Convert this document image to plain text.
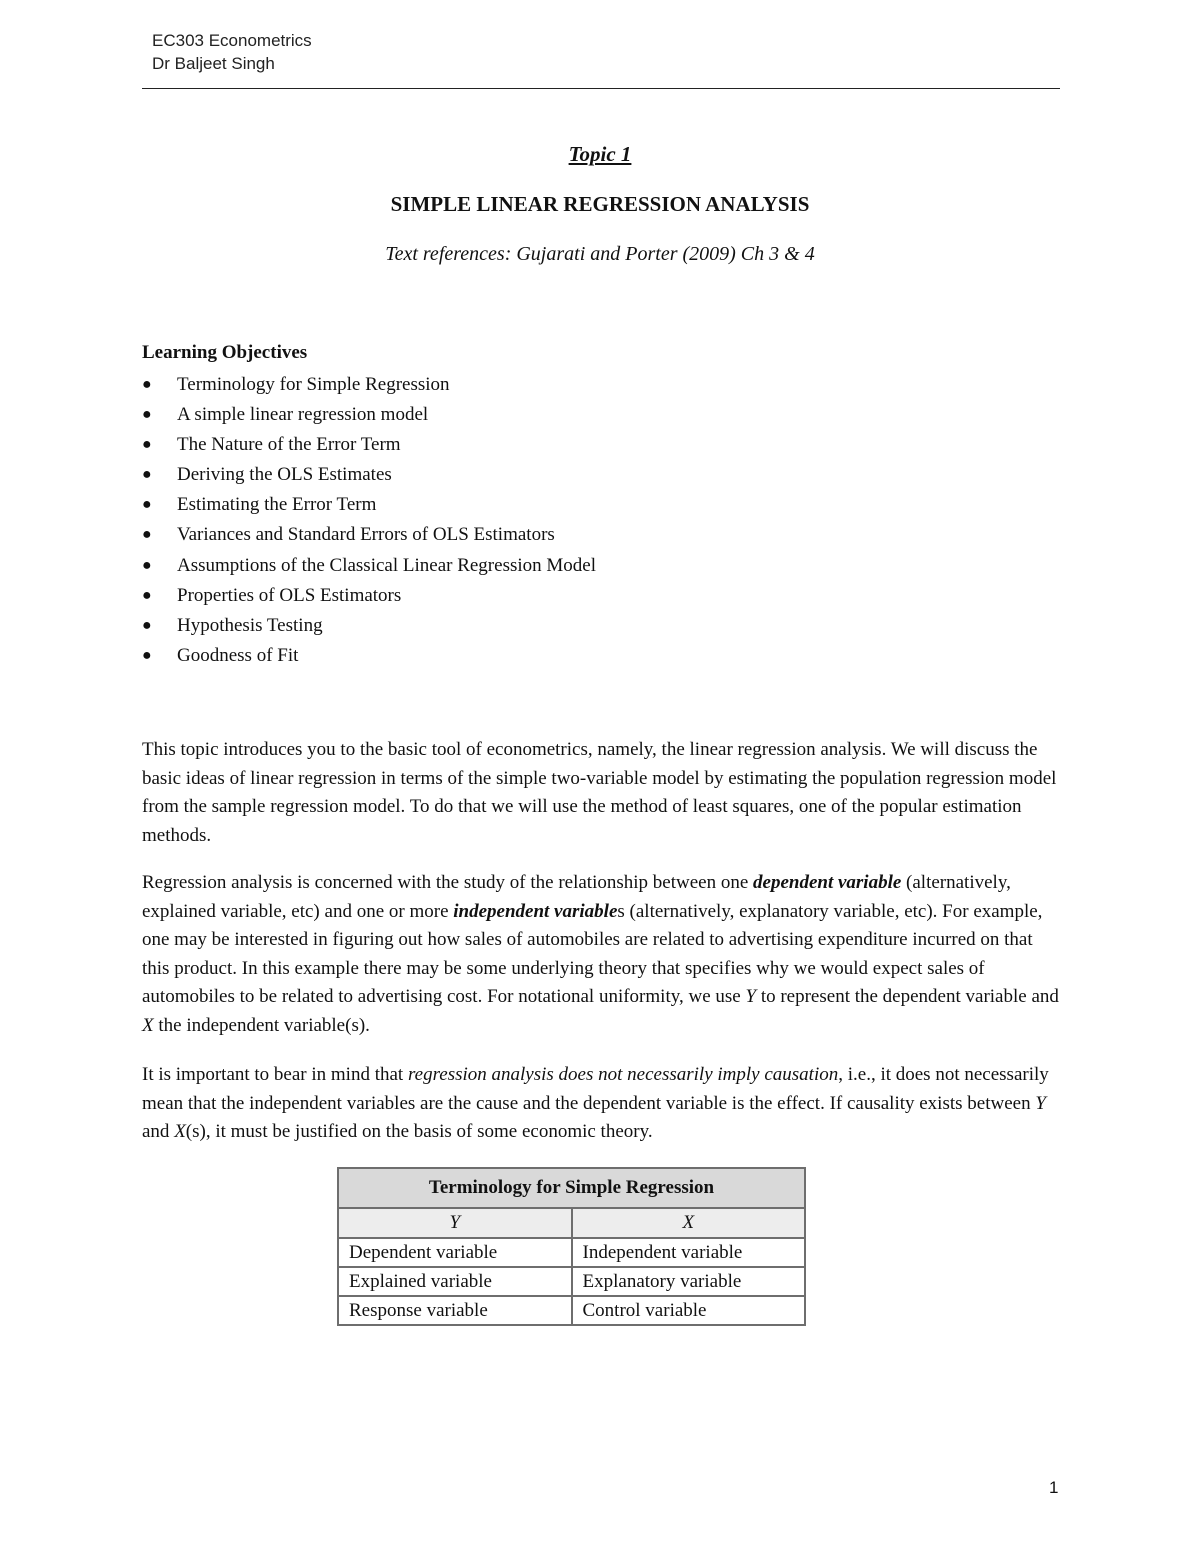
EC303 Econometrics
Dr Baljeet Singh
Topic 1
SIMPLE LINEAR REGRESSION ANALYSIS
Text references: Gujarati and Porter (2009) Ch 3 & 4
Learning Objectives
● Terminology for Simple Regression
● A simple linear regression model
● The Nature of the Error Term
● Deriving the OLS Estimates
● Estimating the Error Term
● Variances and Standard Errors of OLS Estimators
● Assumptions of the Classical Linear Regression Model
● Properties of OLS Estimators
● Hypothesis Testing
● Goodness of Fit

This topic introduces you to the basic tool of econometrics, namely, the linear regression analysis. We will discuss the basic ideas of linear regression in terms of the simple two-variable model by estimating the population regression model from the sample regression model. To do that we will use the method of least squares, one of the popular estimation methods.

Regression analysis is concerned with the study of the relationship between one dependent variable (alternatively, explained variable, etc) and one or more independent variables (alternatively, explanatory variable, etc). For example, one may be interested in figuring out how sales of automobiles are related to advertising expenditure incurred on that this product. In this example there may be some underlying theory that specifies why we would expect sales of automobiles to be related to advertising cost. For notational uniformity, we use Y to represent the dependent variable and X the independent variable(s).

It is important to bear in mind that regression analysis does not necessarily imply causation, i.e., it does not necessarily mean that the independent variables are the cause and the dependent variable is the effect. If causality exists between Y and X(s), it must be justified on the basis of some economic theory.

Terminology for Simple Regression	
Y	X
Dependent variable	Independent variable
Explained variable	Explanatory variable
Response variable	Control variable
1
